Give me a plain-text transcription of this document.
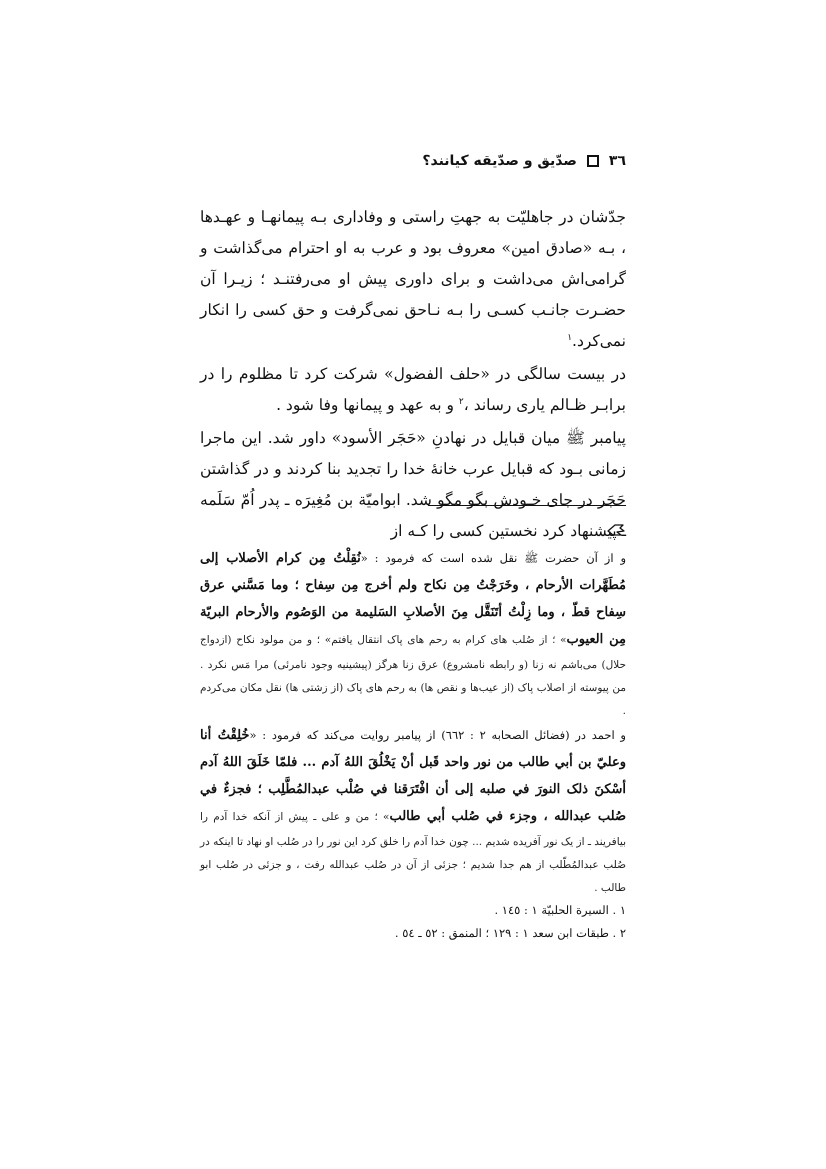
٣٦
صدّیق و صدّیقه کیانند؟

جدّشان در جاهلیّت به جهتِ راستی و وفاداری بـه پیمانهـا و عهـدها ، بـه «صادق امین» معروف بود و عرب به او احترام می‌گذاشت و گرامی‌اش می‌داشت و برای داوری پیش او می‌رفتنـد ؛ زیـرا آن حضـرت جانـب کسـی را بـه نـاحق نمی‌گرفت و حق کسی را انکار نمی‌کرد.$^١$

در بیست سالگی در «حلف الفضول» شرکت کرد تا مظلوم را در برابـر ظـالم یاری رساند ،$^٢$ و به عهد و پیمانها وفا شود .

پیامبر ﷺ میان قبایل در نهادنِ «حَجَر الأسود» داور شد. این ماجرا زمانی بـود که قبایل عرب خانهٔ خدا را تجدید بنا کردند و در گذاشتن حَجَر در جای خـودش بگو مگو شد. ابوامیّة بن مُغِیرَه ـ پدر اُمّ سَلَمه ـ پیشنهاد کرد نخستین کسی را کـه از

و از آن حضرت ﷺ نقل شده است که فرمود : «نُقِلْتُ مِن کرام الأصلاب إلى مُطَهَّرات الأرحام ، وخَرَجْتُ مِن نکاح ولم أخرج مِن سِفاح ؛ وما مَسَّني عرق سِفاح قطّ ، وما زِلْتُ أتَنَقَّل مِنَ الأصلابِ السَلیمة من الوَصُوم والأرحام البريّة مِن العیوب» ؛ از صُلب های کرام به رحم های پاک انتقال یافتم» ؛ و من مولود نکاح (ازدواج حلال) می‌باشم نه زنا (و رابطه نامشروع) عرق زنا هرگز (پیشینیه وجود نامرئی) مرا مَس نکرد . من پیوسته از اصلاب پاک (از عیب‌ها و نقص ها) به رحم های پاک (از زشتی ها) نقل مکان می‌کردم .

و احمد در (فضائل الصحابه ٢ : ٦٦٢) از پیامبر روایت می‌کند که فرمود : «خُلِقْتُ أنا وعليّ بن أبي طالب من نور واحد قَبل أنْ یَخْلُقَ اللهُ آدم ... فلمّا خَلَقَ اللهُ آدم أسْکنَ ذلک النورَ في صلبه إلى أن افْتَرَقنا في صُلْب عبدالمُطَّلِب ؛ فجزءٌ في صُلب عبدالله ، وجزء في صُلب أبي طالب» ؛ من و علی ـ پیش از آنکه خدا آدم را بیافریند ـ از یک نور آفریده شدیم ... چون خدا آدم را خلق کرد این نور را در صُلب او نهاد تا اینکه در صُلب عبدالمُطّلب از هم جدا شدیم ؛ جزئی از آن در صُلب عبدالله رفت ، و جزئی در صُلب ابو طالب .

١ . السیرة الحلبیّة ١ : ١٤٥ .

٢ . طبقات ابن سعد ١ : ١٢٩ ؛ المنمق : ٥٢ ـ ٥٤ .
